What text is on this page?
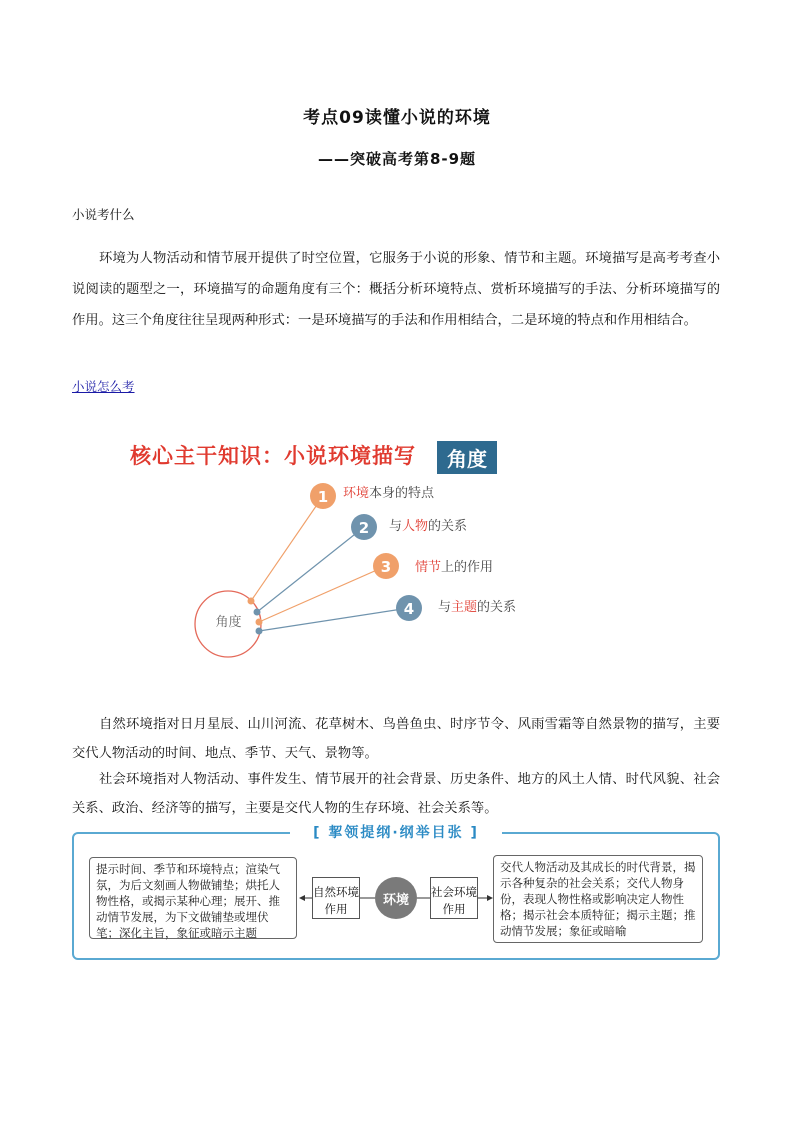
考点09读懂小说的环境
——突破高考第8-9题
小说考什么

环境为人物活动和情节展开提供了时空位置，它服务于小说的形象、情节和主题。环境描写是高考考查小说阅读的题型之一，环境描写的命题角度有三个：概括分析环境特点、赏析环境描写的手法、分析环境描写的作用。这三个角度往往呈现两种形式：一是环境描写的手法和作用相结合，二是环境的特点和作用相结合。

小说怎么考
核心主干知识：小说环境描写	角度
1
2
3
4
角度
环境本身的特点
与人物的关系
情节上的作用
与主题的关系

自然环境指对日月星辰、山川河流、花草树木、鸟兽鱼虫、时序节令、风雨雪霜等自然景物的描写，主要交代人物活动的时间、地点、季节、天气、景物等。

社会环境指对人物活动、事件发生、情节展开的社会背景、历史条件、地方的风土人情、时代风貌、社会关系、政治、经济等的描写，主要是交代人物的生存环境、社会关系等。

[ 挈领提纲·纲举目张 ]
提示时间、季节和环境特点；渲染气氛，为后文刻画人物做铺垫；烘托人物性格，或揭示某种心理；展开、推动情节发展，为下文做铺垫或埋伏笔；深化主旨，象征或暗示主题
自然环境作用
环境
社会环境作用
交代人物活动及其成长的时代背景，揭示各种复杂的社会关系；交代人物身份，表现人物性格或影响决定人物性格；揭示社会本质特征；揭示主题；推动情节发展；象征或暗喻
